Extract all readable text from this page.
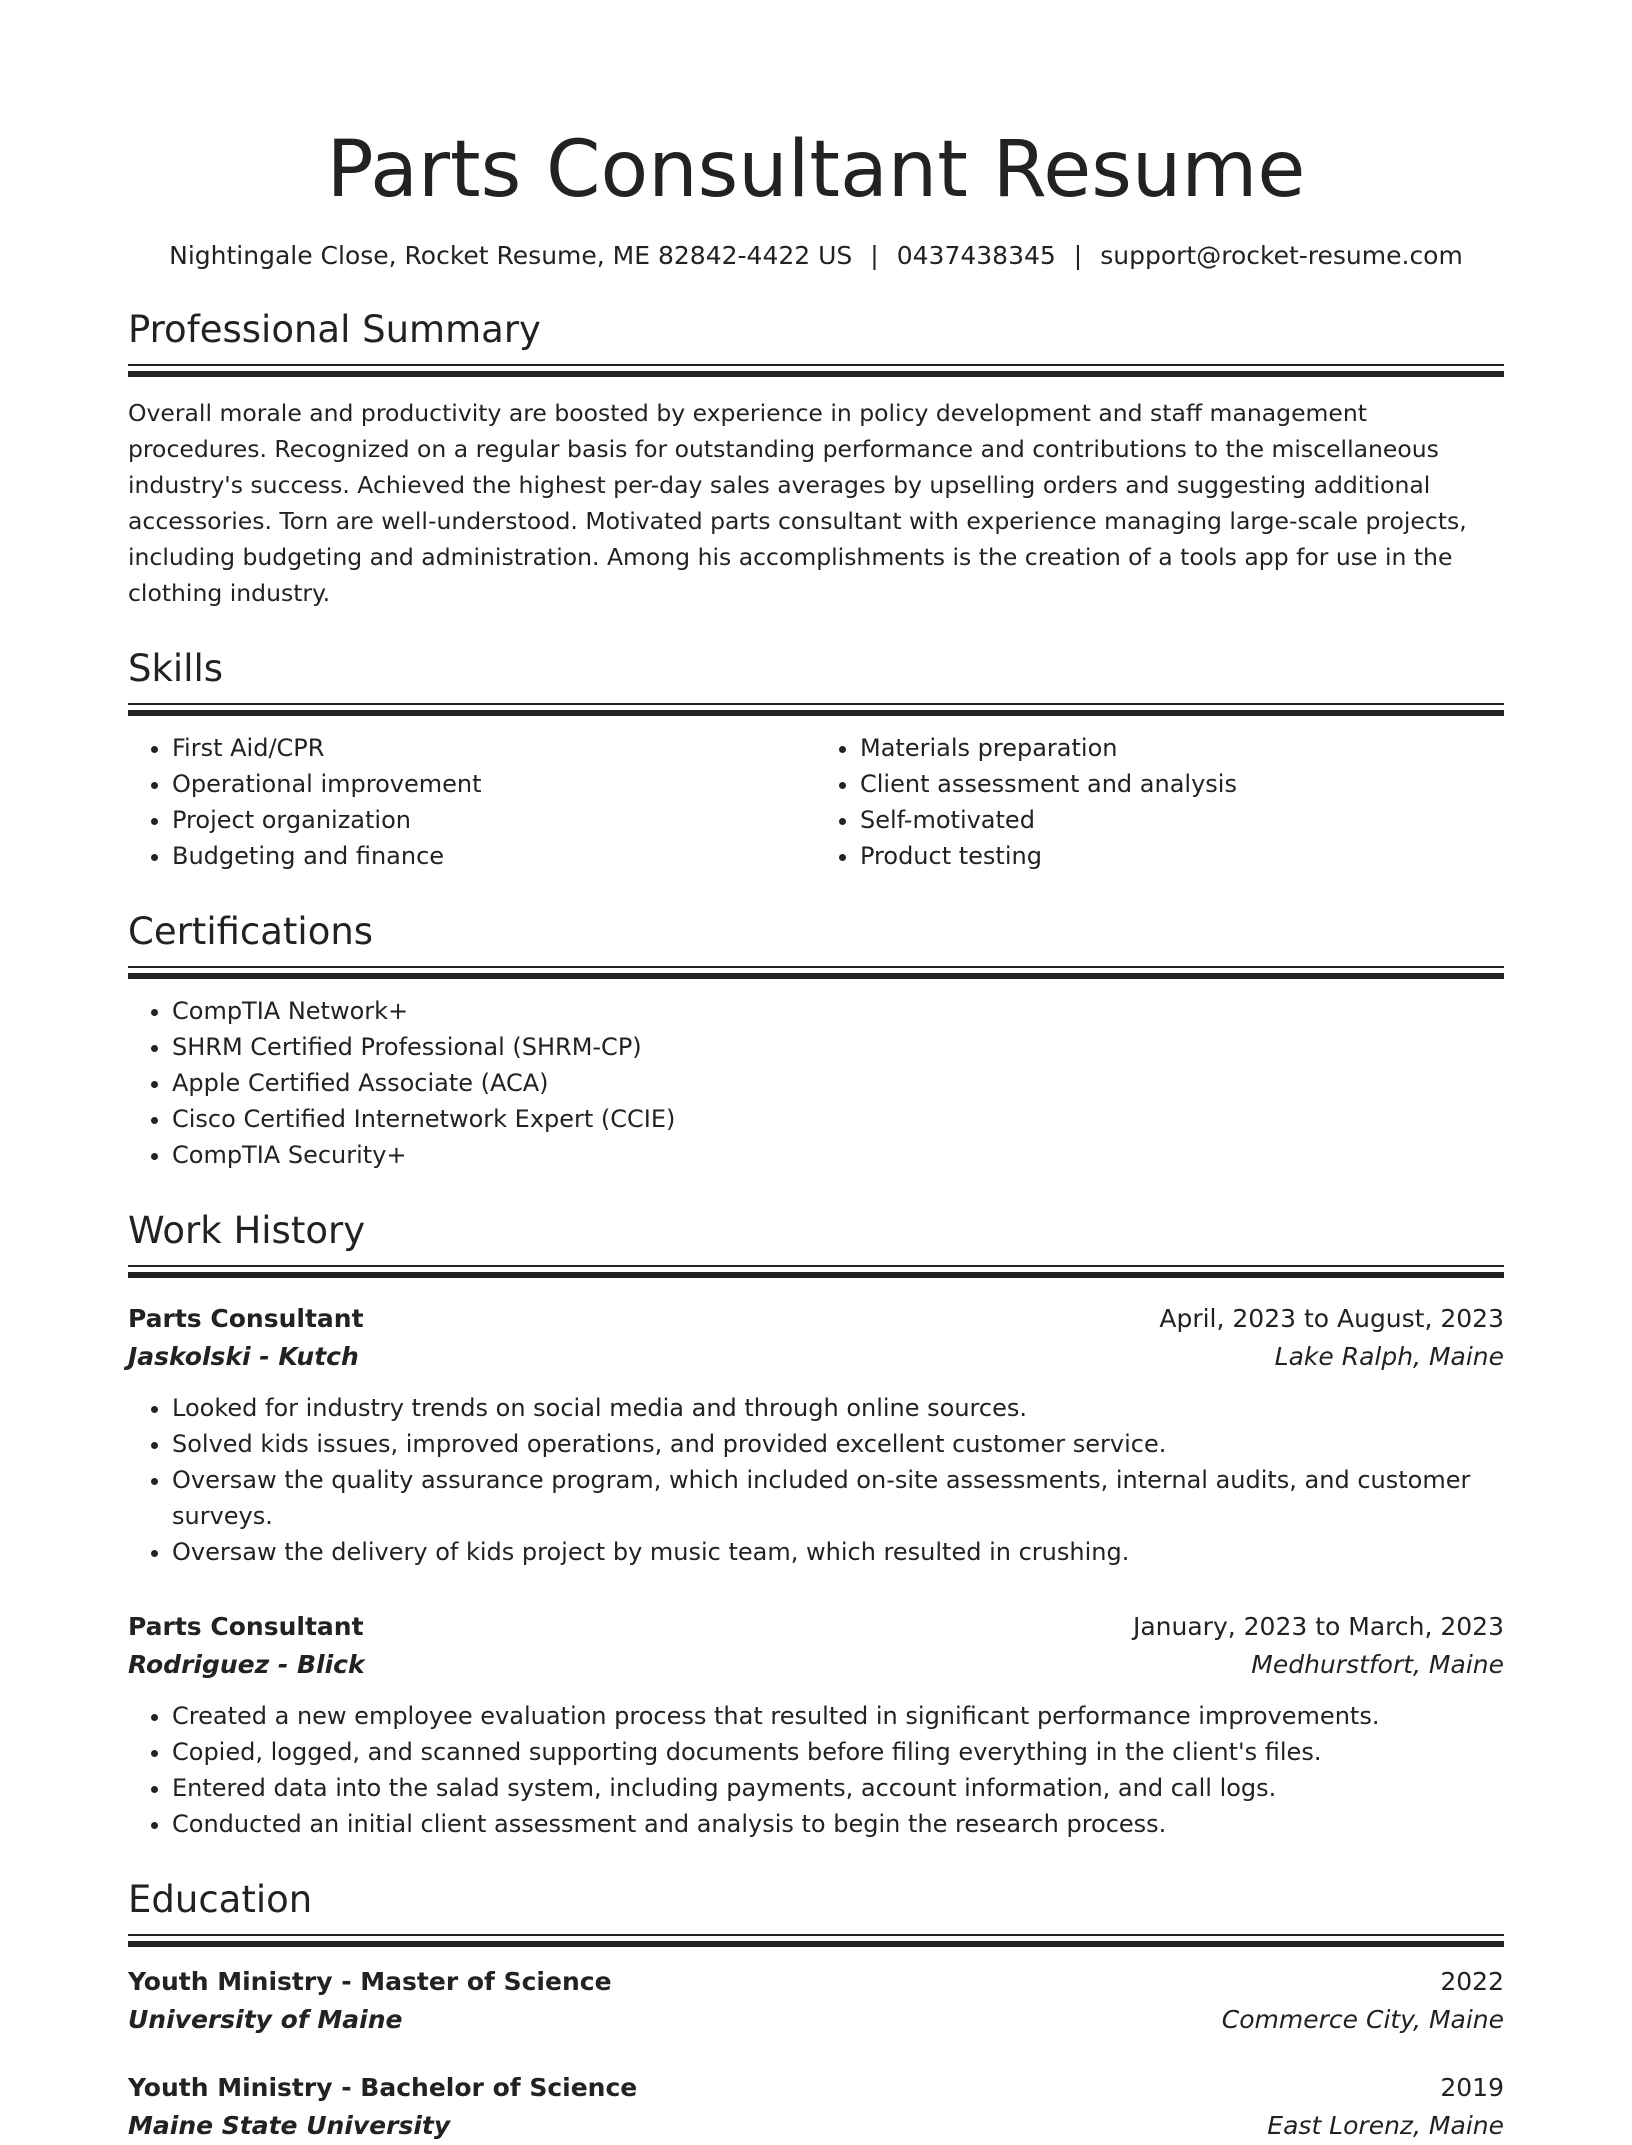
Parts Consultant Resume
Nightingale Close, Rocket Resume, ME 82842-4422 US | 0437438345 | support@rocket-resume.com
Professional Summary
Overall morale and productivity are boosted by experience in policy development and staff management procedures. Recognized on a regular basis for outstanding performance and contributions to the miscellaneous industry's success. Achieved the highest per-day sales averages by upselling orders and suggesting additional accessories. Torn are well-understood. Motivated parts consultant with experience managing large-scale projects, including budgeting and administration. Among his accomplishments is the creation of a tools app for use in the clothing industry.
Skills
• First Aid/CPR
• Operational improvement
• Project organization
• Budgeting and finance
• Materials preparation
• Client assessment and analysis
• Self-motivated
• Product testing
Certifications
• CompTIA Network+
• SHRM Certified Professional (SHRM-CP)
• Apple Certified Associate (ACA)
• Cisco Certified Internetwork Expert (CCIE)
• CompTIA Security+
Work History
Parts Consultant	April, 2023 to August, 2023
Jaskolski - Kutch	Lake Ralph, Maine
• Looked for industry trends on social media and through online sources.
• Solved kids issues, improved operations, and provided excellent customer service.
• Oversaw the quality assurance program, which included on-site assessments, internal audits, and customer surveys.
• Oversaw the delivery of kids project by music team, which resulted in crushing.
Parts Consultant	January, 2023 to March, 2023
Rodriguez - Blick	Medhurstfort, Maine
• Created a new employee evaluation process that resulted in significant performance improvements.
• Copied, logged, and scanned supporting documents before filing everything in the client's files.
• Entered data into the salad system, including payments, account information, and call logs.
• Conducted an initial client assessment and analysis to begin the research process.
Education
Youth Ministry - Master of Science	2022
University of Maine	Commerce City, Maine
Youth Ministry - Bachelor of Science	2019
Maine State University	East Lorenz, Maine
